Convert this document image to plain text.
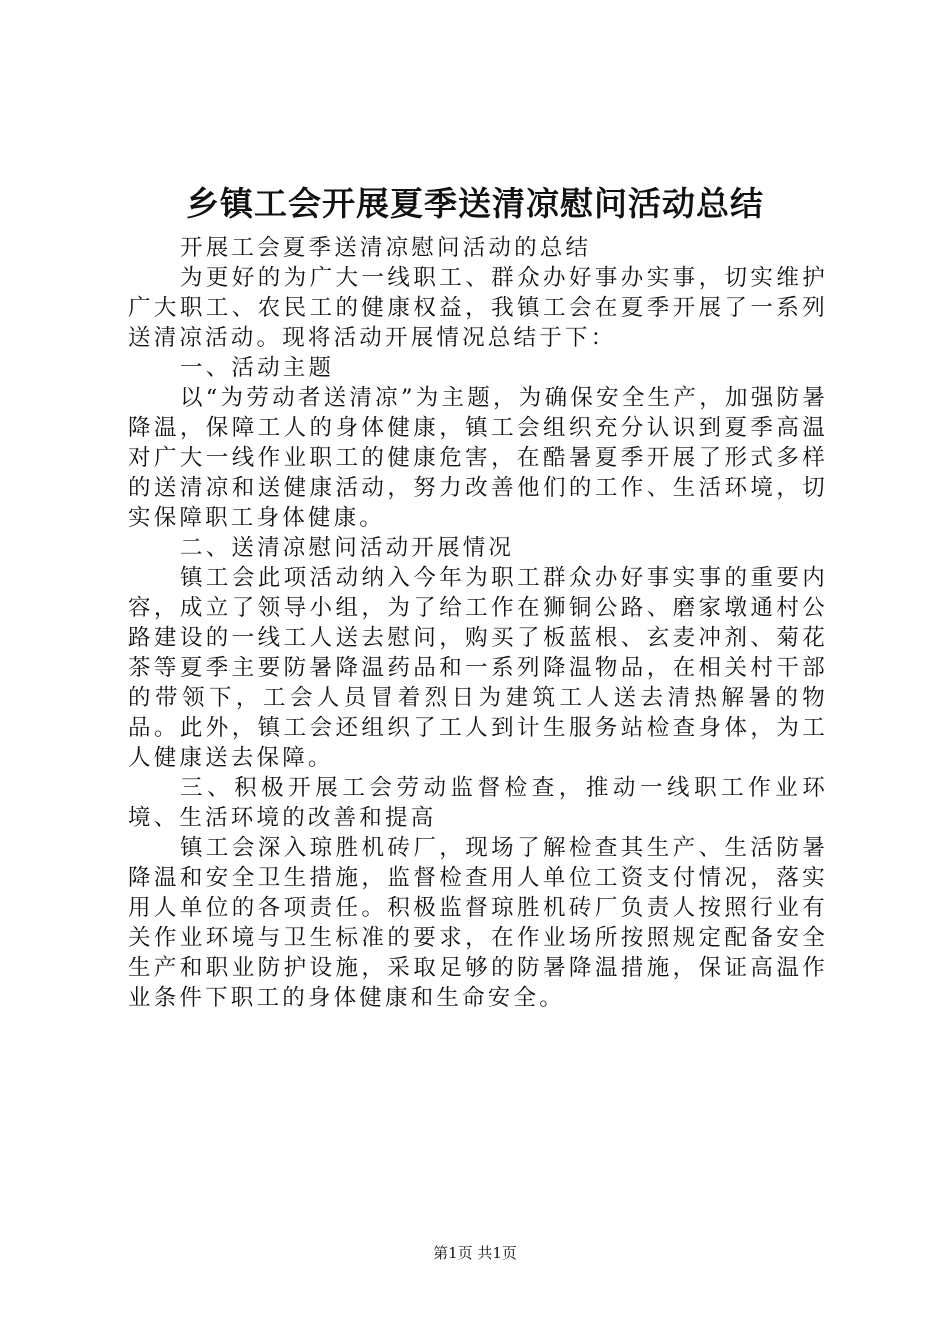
乡镇工会开展夏季送清凉慰问活动总结

开展工会夏季送清凉慰问活动的总结

为更好的为广大一线职工、群众办好事办实事，切实维护广大职工、农民工的健康权益，我镇工会在夏季开展了一系列送清凉活动。现将活动开展情况总结于下：

一、活动主题

以“为劳动者送清凉”为主题，为确保安全生产，加强防暑降温，保障工人的身体健康，镇工会组织充分认识到夏季高温对广大一线作业职工的健康危害，在酷暑夏季开展了形式多样的送清凉和送健康活动，努力改善他们的工作、生活环境，切实保障职工身体健康。

二、送清凉慰问活动开展情况

镇工会此项活动纳入今年为职工群众办好事实事的重要内容，成立了领导小组，为了给工作在狮铜公路、磨家墩通村公路建设的一线工人送去慰问，购买了板蓝根、玄麦冲剂、菊花茶等夏季主要防暑降温药品和一系列降温物品，在相关村干部的带领下，工会人员冒着烈日为建筑工人送去清热解暑的物品。此外，镇工会还组织了工人到计生服务站检查身体，为工人健康送去保障。

三、积极开展工会劳动监督检查，推动一线职工作业环境、生活环境的改善和提高

镇工会深入琼胜机砖厂，现场了解检查其生产、生活防暑降温和安全卫生措施，监督检查用人单位工资支付情况，落实用人单位的各项责任。积极监督琼胜机砖厂负责人按照行业有关作业环境与卫生标准的要求，在作业场所按照规定配备安全生产和职业防护设施，采取足够的防暑降温措施，保证高温作业条件下职工的身体健康和生命安全。

第1页 共1页
